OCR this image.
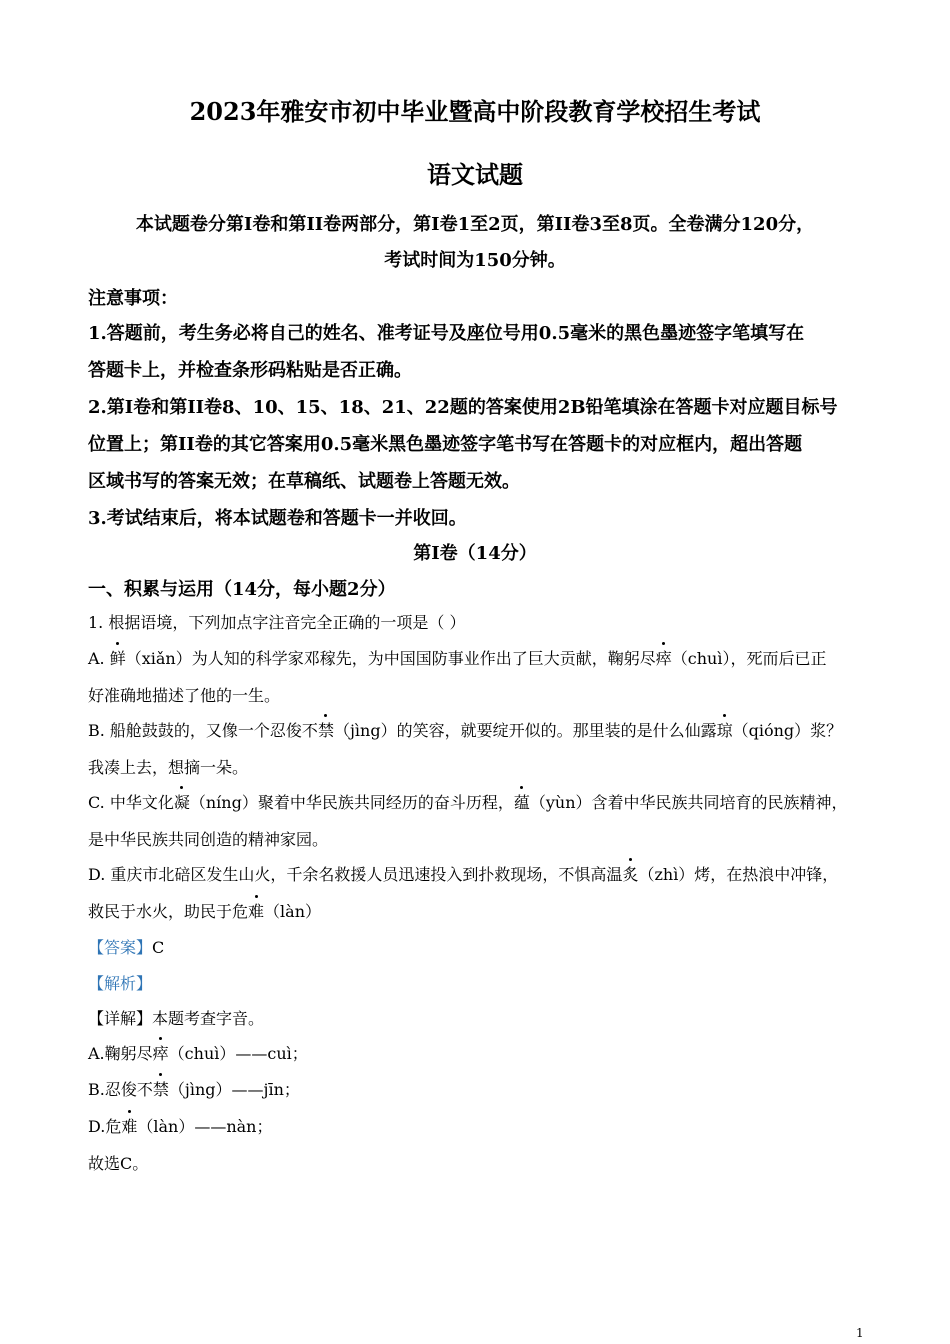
2023年雅安市初中毕业暨高中阶段教育学校招生考试
语文试题
本试题卷分第Ⅰ卷和第II卷两部分，第Ⅰ卷1至2页，第II卷3至8页。全卷满分120分，
考试时间为150分钟。
注意事项：
1.答题前，考生务必将自己的姓名、准考证号及座位号用0.5毫米的黑色墨迹签字笔填写在
答题卡上，并检查条形码粘贴是否正确。
2.第Ⅰ卷和第II卷8、10、15、18、21、22题的答案使用2B铅笔填涂在答题卡对应题目标号
位置上；第II卷的其它答案用0.5毫米黑色墨迹签字笔书写在答题卡的对应框内，超出答题
区域书写的答案无效；在草稿纸、试题卷上答题无效。
3.考试结束后，将本试题卷和答题卡一并收回。
第Ⅰ卷（14分）
一、积累与运用（14分，每小题2分）
1. 根据语境，下列加点字注音完全正确的一项是（ ）
A. 鲜（xiǎn）为人知的科学家邓稼先，为中国国防事业作出了巨大贡献，鞠躬尽瘁（chuì），死而后已正
好准确地描述了他的一生。
B. 船舱鼓鼓的，又像一个忍俊不禁（jìng）的笑容，就要绽开似的。那里装的是什么仙露琼（qióng）浆？
我凑上去，想摘一朵。
C. 中华文化凝（níng）聚着中华民族共同经历的奋斗历程，蕴（yùn）含着中华民族共同培育的民族精神，
是中华民族共同创造的精神家园。
D. 重庆市北碚区发生山火，千余名救援人员迅速投入到扑救现场，不惧高温炙（zhì）烤，在热浪中冲锋，
救民于水火，助民于危难（làn）
【答案】C
【解析】
【详解】本题考查字音。
A.鞠躬尽瘁（chuì）——cuì；
B.忍俊不禁（jìng）——jīn；
D.危难（làn）——nàn；
故选C。
1
